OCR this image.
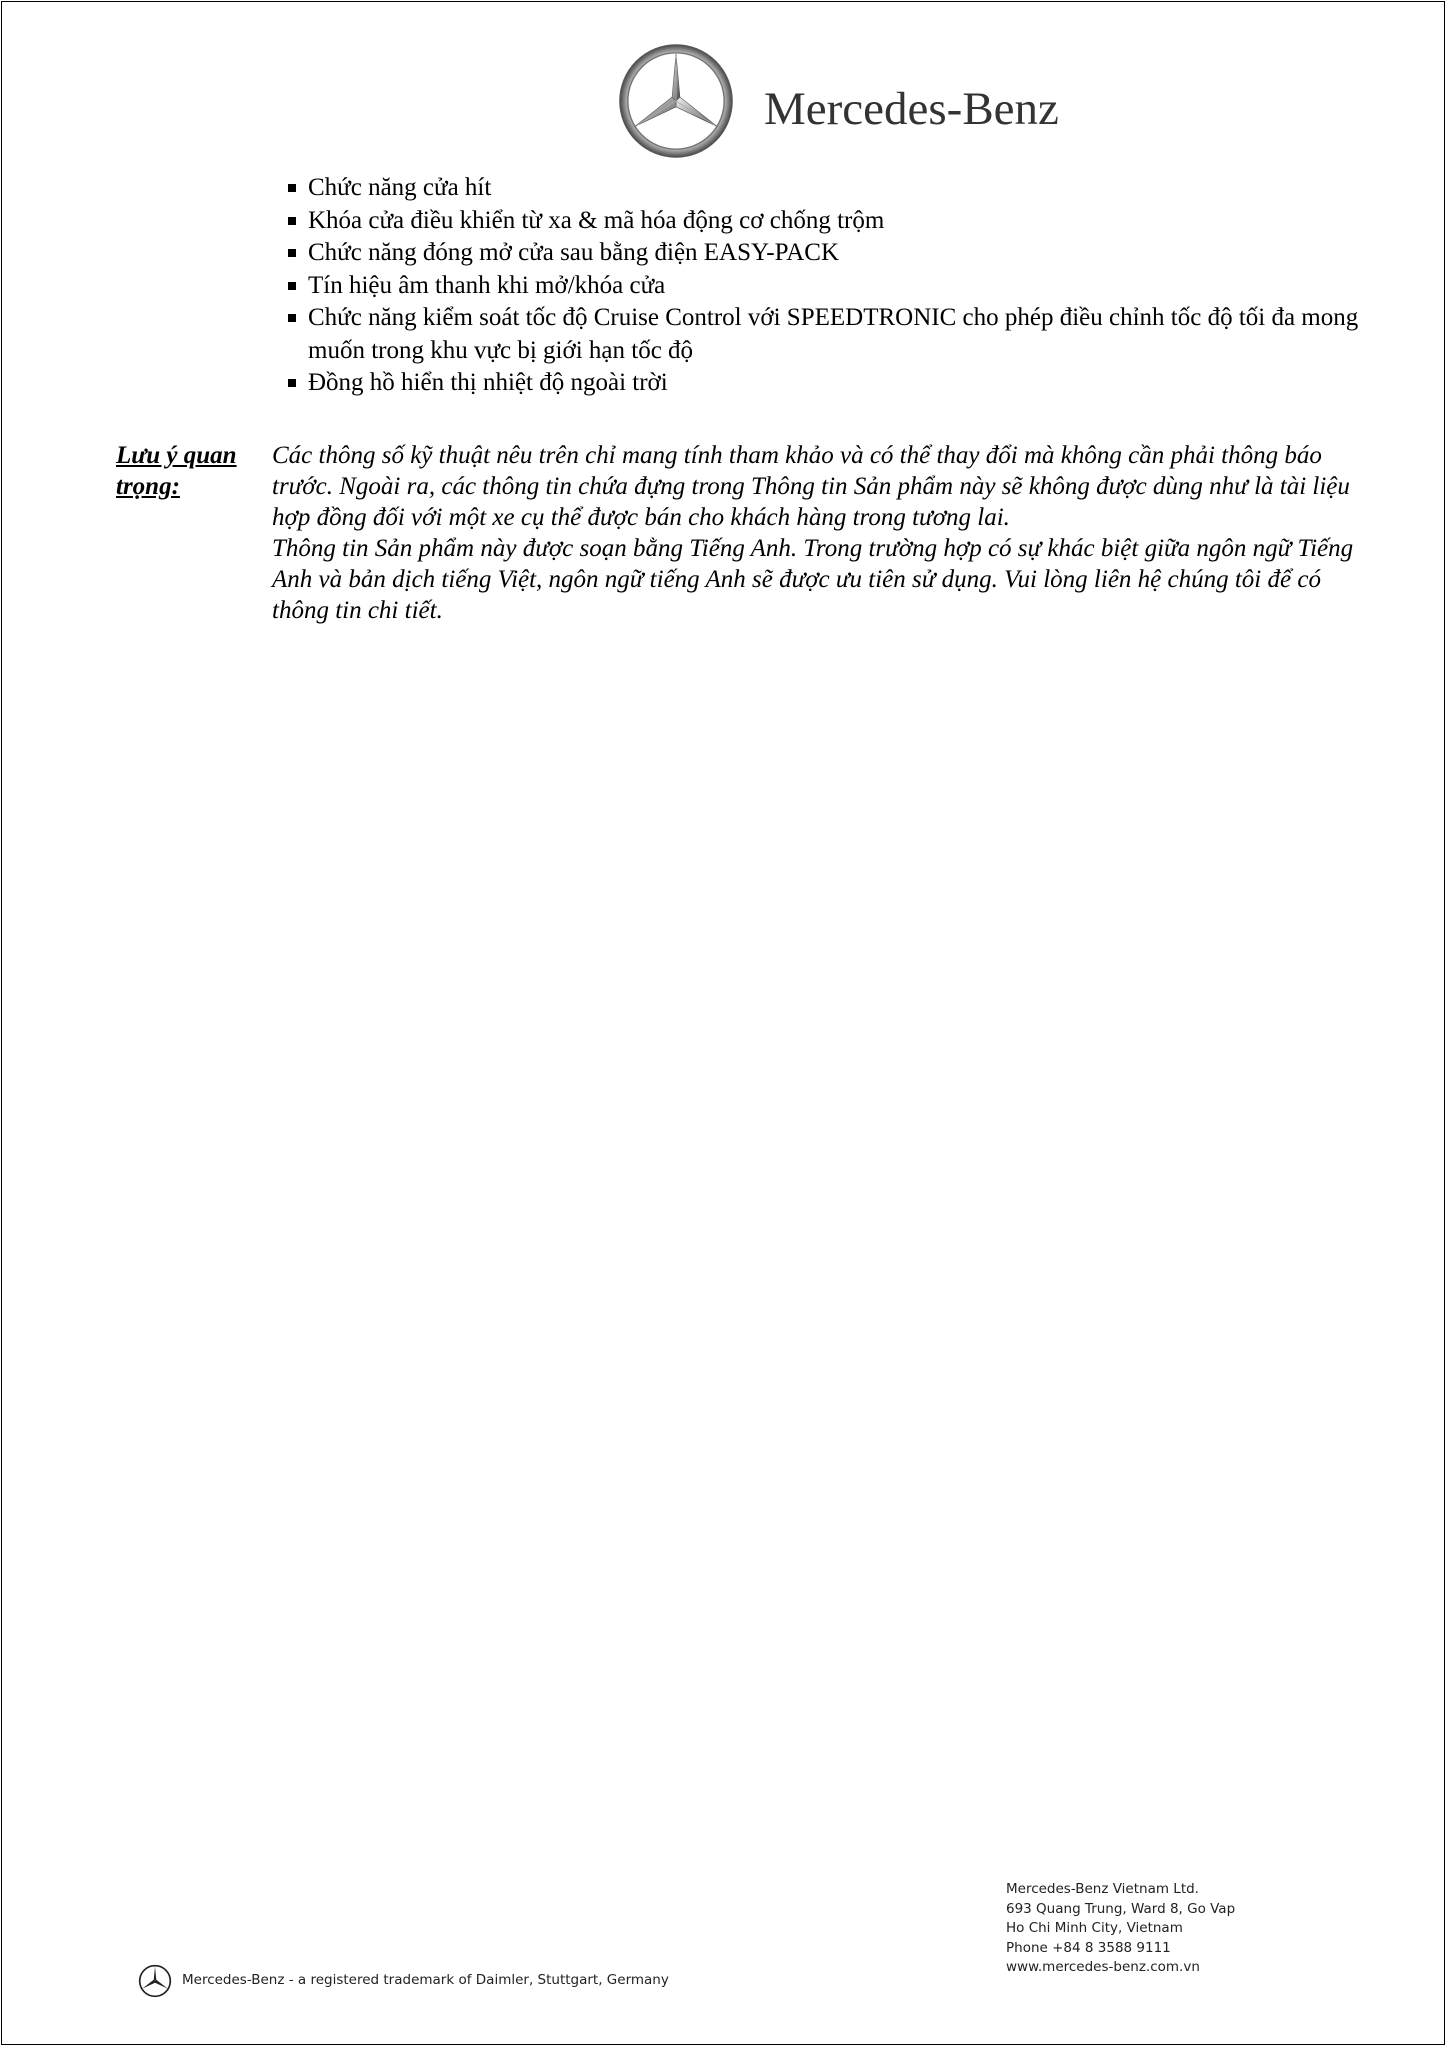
Mercedes-Benz
Chức năng cửa hít
Khóa cửa điều khiển từ xa & mã hóa động cơ chống trộm
Chức năng đóng mở cửa sau bằng điện EASY-PACK
Tín hiệu âm thanh khi mở/khóa cửa
Chức năng kiểm soát tốc độ Cruise Control với SPEEDTRONIC cho phép điều chỉnh tốc độ tối đa mong muốn trong khu vực bị giới hạn tốc độ
Đồng hồ hiển thị nhiệt độ ngoài trời
Lưu ý quan trọng:

Các thông số kỹ thuật nêu trên chỉ mang tính tham khảo và có thể thay đổi mà không cần phải thông báo trước. Ngoài ra, các thông tin chứa đựng trong Thông tin Sản phẩm này sẽ không được dùng như là tài liệu hợp đồng đối với một xe cụ thể được bán cho khách hàng trong tương lai.

Thông tin Sản phẩm này được soạn bằng Tiếng Anh. Trong trường hợp có sự khác biệt giữa ngôn ngữ Tiếng Anh và bản dịch tiếng Việt, ngôn ngữ tiếng Anh sẽ được ưu tiên sử dụng. Vui lòng liên hệ chúng tôi để có thông tin chi tiết.

Mercedes-Benz Vietnam Ltd.
693 Quang Trung, Ward 8, Go Vap
Ho Chi Minh City, Vietnam
Phone +84 8 3588 9111
www.mercedes-benz.com.vn
Mercedes-Benz - a registered trademark of Daimler, Stuttgart, Germany
